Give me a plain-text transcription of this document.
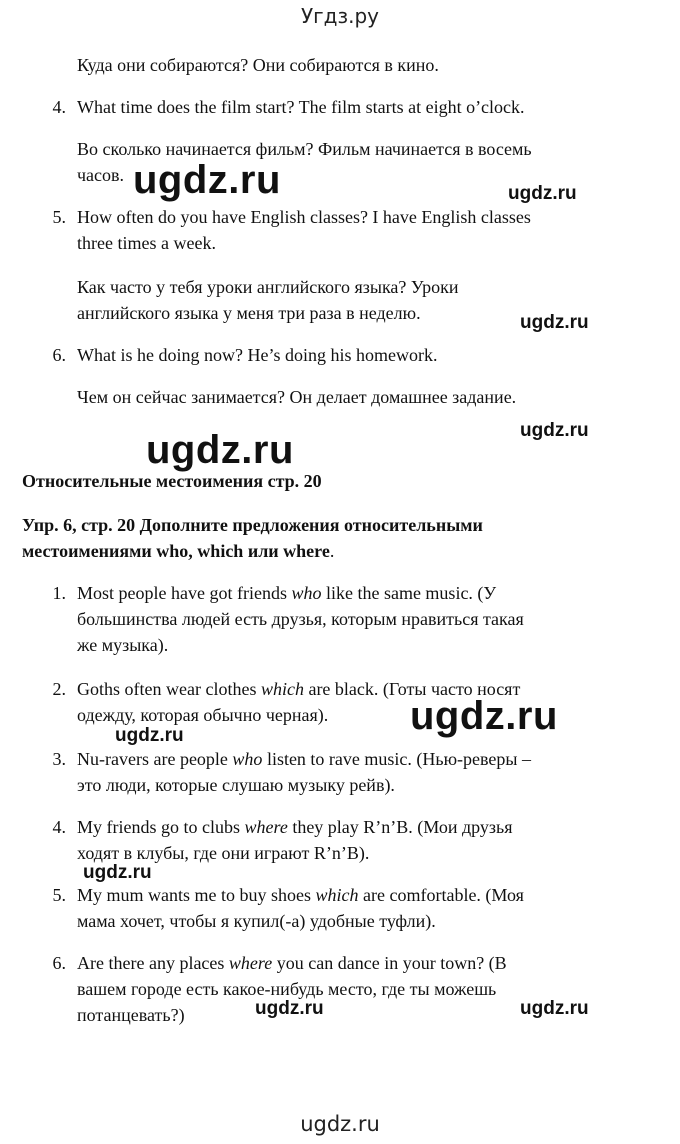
Угдз.ру
Куда они собираются? Они собираются в кино.
4. What time does the film start? The film starts at eight o’clock.
Во сколько начинается фильм? Фильм начинается в восемь
часов.
5. How often do you have English classes? I have English classes
three times a week.
Как часто у тебя уроки английского языка? Уроки
английского языка у меня три раза в неделю.
6. What is he doing now? He’s doing his homework.
Чем он сейчас занимается? Он делает домашнее задание.
Относительные местоимения стр. 20
Упр. 6, стр. 20 Дополните предложения относительными
местоимениями who, which или where.
1. Most people have got friends who like the same music. (У
большинства людей есть друзья, которым нравиться такая
же музыка).
2. Goths often wear clothes which are black. (Готы часто носят
одежду, которая обычно черная).
3. Nu-ravers are people who listen to rave music. (Нью-реверы –
это люди, которые слушаю музыку рейв).
4. My friends go to clubs where they play R’n’B. (Мои друзья
ходят в клубы, где они играют R’n’B).
5. My mum wants me to buy shoes which are comfortable. (Моя
мама хочет, чтобы я купил(-а) удобные туфли).
6. Are there any places where you can dance in your town? (В
вашем городе есть какое-нибудь место, где ты можешь
потанцевать?)
ugdz.ru
ugdz.ru
ugdz.ru
ugdz.ru
ugdz.ru
ugdz.ru
ugdz.ru
ugdz.ru
ugdz.ru	ugdz.ru
ugdz.ru
